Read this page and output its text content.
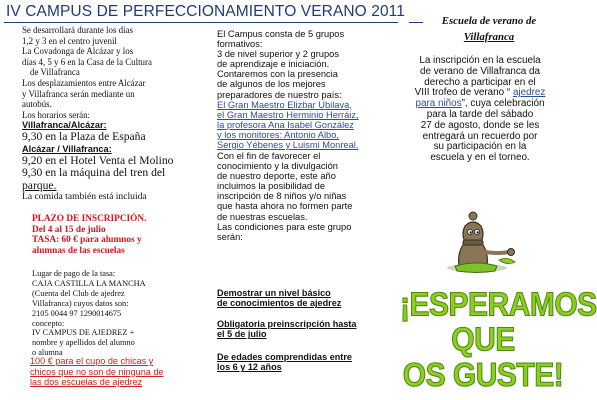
IV CAMPUS DE PERFECCIONAMIENTO VERANO 2011
Se desarrollará durante los días
1,2 y 3 en el centro juvenil
La Covadonga de Alcázar y los
días 4, 5 y 6 en la Casa de la Cultura
de Villafranca
Los desplazamientos entre Alcázar
y Villafranca serán mediante un
autobús.
Los horarios serán:
Villafranca/Alcázar:
9,30 en la Plaza de España
Alcázar / Villafranca:
9,20 en el Hotel Venta el Molino
9,30 en la máquina del tren del
parque.
La comida también está incluida
PLAZO DE INSCRIPCIÓN.
Del 4 al 15 de julio
TASA: 60 € para alumnos y
alumnas de las escuelas
Lugar de pago de la tasa:
CAJA CASTILLA LA MANCHA
(Cuenta del Club de ajedrez
Villafranca) cuyos datos son:
2105 0044 97 1290014675
concepto:
IV CAMPUS DE AJEDREZ +
nombre y apellidos del alumno
o alumna
100 € para el cupo de chicas y
chicos que no son de ninguna de
las dos escuelas de ajedrez
El Campus consta de 5 grupos
formativos:
3 de nivel superior y 2 grupos
de aprendizaje e iniciación.
Contaremos con la presencia
de algunos de los mejores
preparadores de nuestro país:
El Gran Maestro Elizbar Ubilava,
el Gran Maestro Herminio Herráiz,
la profesora Ana Isabel González
y los monitores: Antonio Albo,
Sergio Yébenes y Luismi Monreal.
Con el fin de favorecer el
conocimiento y la divulgación
de nuestro deporte, este año
incluimos la posibilidad de
inscripción de 8 niños y/o niñas
que hasta ahora no formen parte
de nuestras escuelas.
Las condiciones para este grupo
serán:
Demostrar un nivel básico
de conocimientos de ajedrez
Obligatoria preinscripción hasta
el 5 de julio
De edades comprendidas entre
los 6 y 12 años
Escuela de verano de
Villafranca
La inscripción en la escuela
de verano de Villafranca da
derecho a participar en el
VIII trofeo de verano “ ajedrez
para niños”, cuya celebración
para la tarde del sábado
27 de agosto, donde se les
entregará un recuerdo por
su participación en la
escuela y en el torneo.
¡ESPERAMOS QUE
OS GUSTE!
